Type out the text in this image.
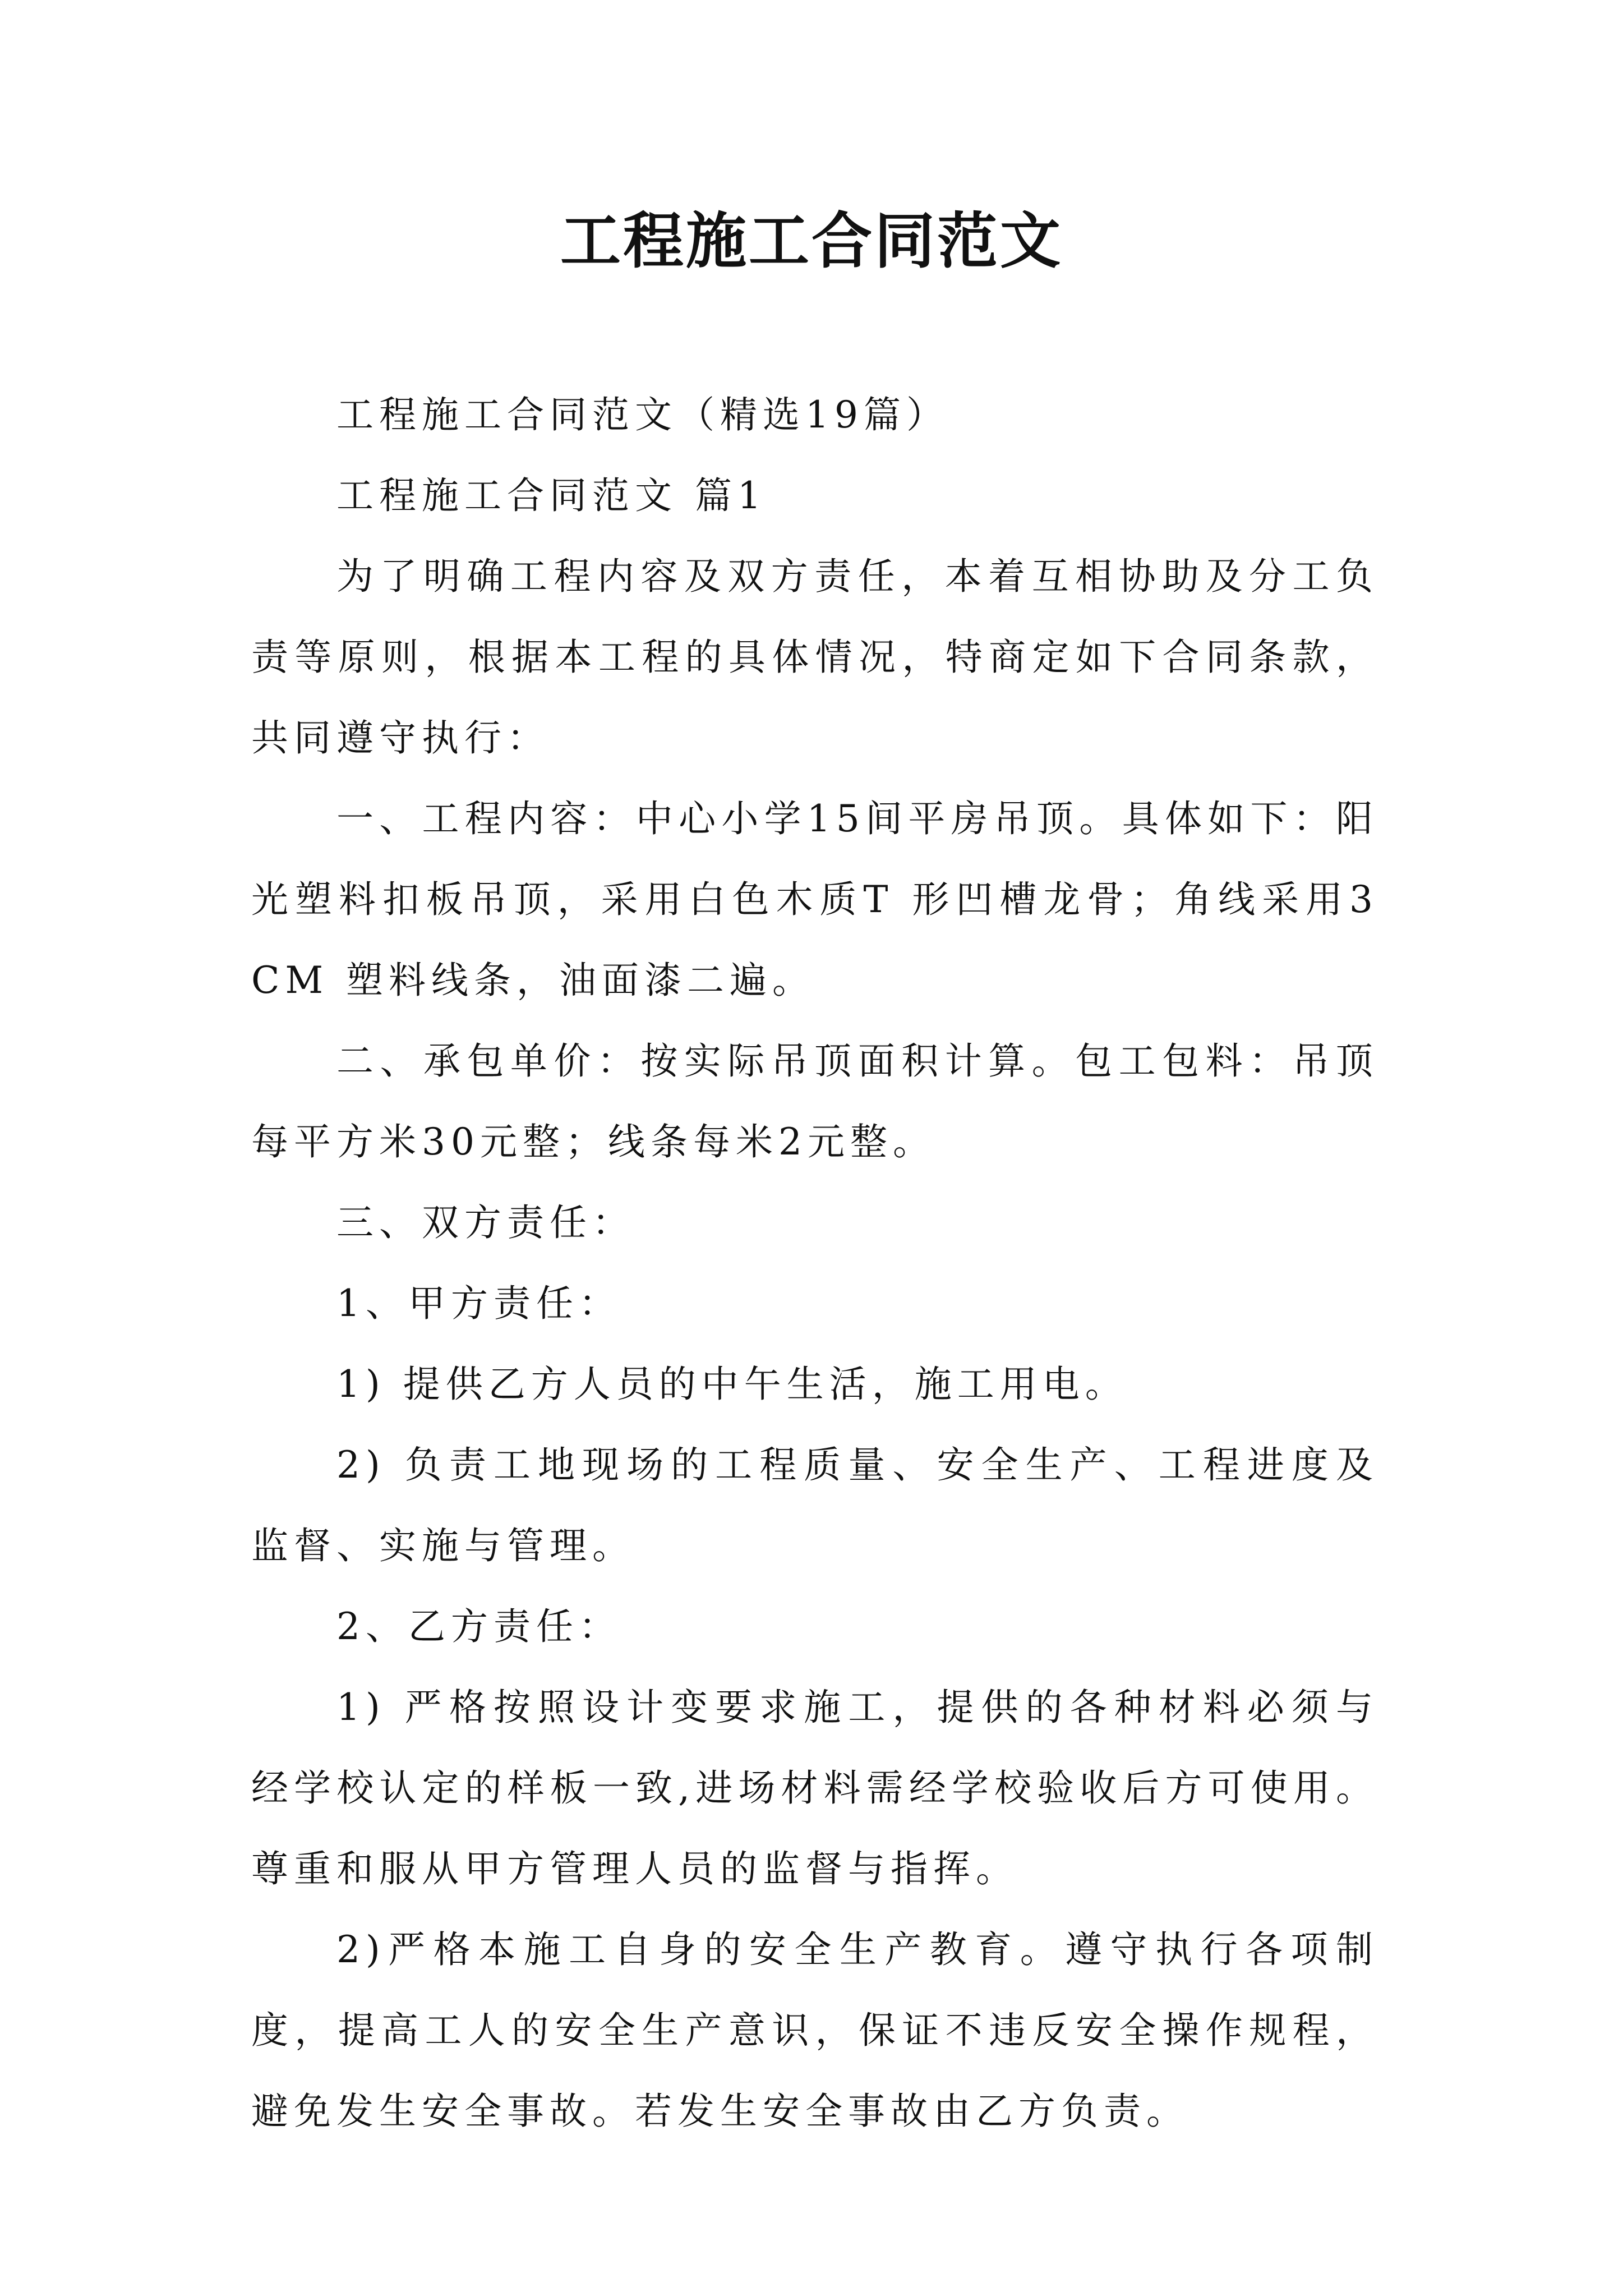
工程施工合同范文

工程施工合同范文（精选19篇）

工程施工合同范文 篇1

为了明确工程内容及双方责任，本着互相协助及分工负责等原则，根据本工程的具体情况，特商定如下合同条款，共同遵守执行：

一、工程内容：中心小学15间平房吊顶。具体如下：阳光塑料扣板吊顶，采用白色木质T 形凹槽龙骨；角线采用3CM 塑料线条，油面漆二遍。

二、承包单价：按实际吊顶面积计算。包工包料：吊顶每平方米30元整；线条每米2元整。

三、双方责任：

1、甲方责任：

1) 提供乙方人员的中午生活，施工用电。

2) 负责工地现场的工程质量、安全生产、工程进度及监督、实施与管理。

2、乙方责任：

1) 严格按照设计变要求施工，提供的各种材料必须与经学校认定的样板一致,进场材料需经学校验收后方可使用。尊重和服从甲方管理人员的监督与指挥。

2)严格本施工自身的安全生产教育。遵守执行各项制度，提高工人的安全生产意识，保证不违反安全操作规程，避免发生安全事故。若发生安全事故由乙方负责。
